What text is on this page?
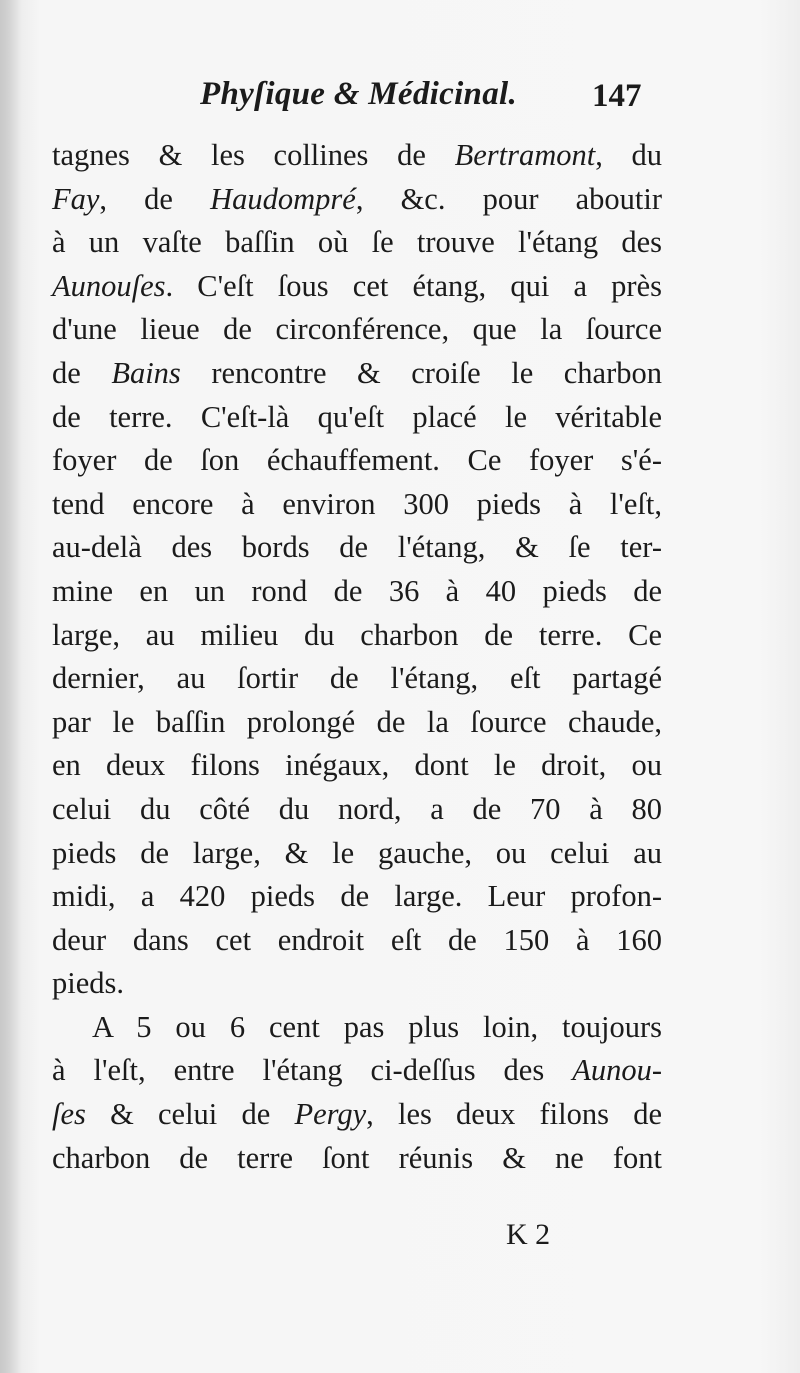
Phyſique & Médicinal. 147
tagnes & les collines de Bertramont, du
Fay, de Haudompré, &c. pour aboutir
à un vaſte baſſin où ſe trouve l'étang des
Aunouſes. C'eſt ſous cet étang, qui a près
d'une lieue de circonférence, que la ſource
de Bains rencontre & croiſe le charbon
de terre. C'eſt-là qu'eſt placé le véritable
foyer de ſon échauffement. Ce foyer s'é-
tend encore à environ 300 pieds à l'eſt,
au-delà des bords de l'étang, & ſe ter-
mine en un rond de 36 à 40 pieds de
large, au milieu du charbon de terre. Ce
dernier, au ſortir de l'étang, eſt partagé
par le baſſin prolongé de la ſource chaude,
en deux filons inégaux, dont le droit, ou
celui du côté du nord, a de 70 à 80
pieds de large, & le gauche, ou celui au
midi, a 420 pieds de large. Leur profon-
deur dans cet endroit eſt de 150 à 160
pieds.
A 5 ou 6 cent pas plus loin, toujours
à l'eſt, entre l'étang ci-deſſus des Aunou-
ſes & celui de Pergy, les deux filons de
charbon de terre ſont réunis & ne font
K 2
